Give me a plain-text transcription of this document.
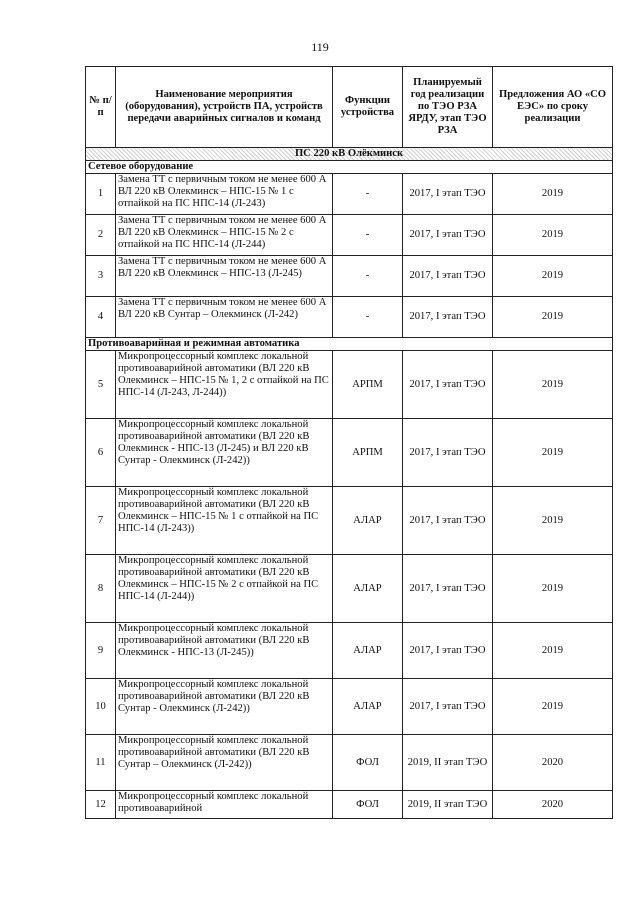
119
№ п/п	Наименование мероприятия (оборудования), устройств ПА, устройств передачи аварийных сигналов и команд	Функции устройства	Планируемый год реализации по ТЭО РЗА ЯРДУ, этап ТЭО РЗА	Предложения АО «СО ЕЭС» по сроку реализации
ПС 220 кВ Олёкминск				
Сетевое оборудование				
1	Замена ТТ с первичным током не менее 600 А ВЛ 220 кВ Олекминск – НПС-15 № 1 с отпайкой на ПС НПС-14 (Л-243)	-	2017, I этап ТЭО	2019
2	Замена ТТ с первичным током не менее 600 А ВЛ 220 кВ Олекминск – НПС-15 № 2 с отпайкой на ПС НПС-14 (Л-244)	-	2017, I этап ТЭО	2019
3	Замена ТТ с первичным током не менее 600 А ВЛ 220 кВ Олекминск – НПС-13 (Л-245)	-	2017, I этап ТЭО	2019
4	Замена ТТ с первичным током не менее 600 А ВЛ 220 кВ Сунтар – Олекминск (Л-242)	-	2017, I этап ТЭО	2019
Противоаварийная и режимная автоматика				
5	Микропроцессорный комплекс локальной противоаварийной автоматики (ВЛ 220 кВ Олекминск – НПС-15 № 1, 2 с отпайкой на ПС НПС-14 (Л-243, Л-244))	АРПМ	2017, I этап ТЭО	2019
6	Микропроцессорный комплекс локальной противоаварийной автоматики (ВЛ 220 кВ Олекминск - НПС-13 (Л-245) и ВЛ 220 кВ Сунтар - Олекминск (Л-242))	АРПМ	2017, I этап ТЭО	2019
7	Микропроцессорный комплекс локальной противоаварийной автоматики (ВЛ 220 кВ Олекминск – НПС-15 № 1 с отпайкой на ПС НПС-14 (Л-243))	АЛАР	2017, I этап ТЭО	2019
8	Микропроцессорный комплекс локальной противоаварийной автоматики (ВЛ 220 кВ Олекминск – НПС-15 № 2 с отпайкой на ПС НПС-14 (Л-244))	АЛАР	2017, I этап ТЭО	2019
9	Микропроцессорный комплекс локальной противоаварийной автоматики (ВЛ 220 кВ Олекминск - НПС-13 (Л-245))	АЛАР	2017, I этап ТЭО	2019
10	Микропроцессорный комплекс локальной противоаварийной автоматики (ВЛ 220 кВ Сунтар - Олекминск (Л-242))	АЛАР	2017, I этап ТЭО	2019
11	Микропроцессорный комплекс локальной противоаварийной автоматики (ВЛ 220 кВ Сунтар – Олекминск (Л-242))	ФОЛ	2019, II этап ТЭО	2020
12	Микропроцессорный комплекс локальной противоаварийной	ФОЛ	2019, II этап ТЭО	2020
